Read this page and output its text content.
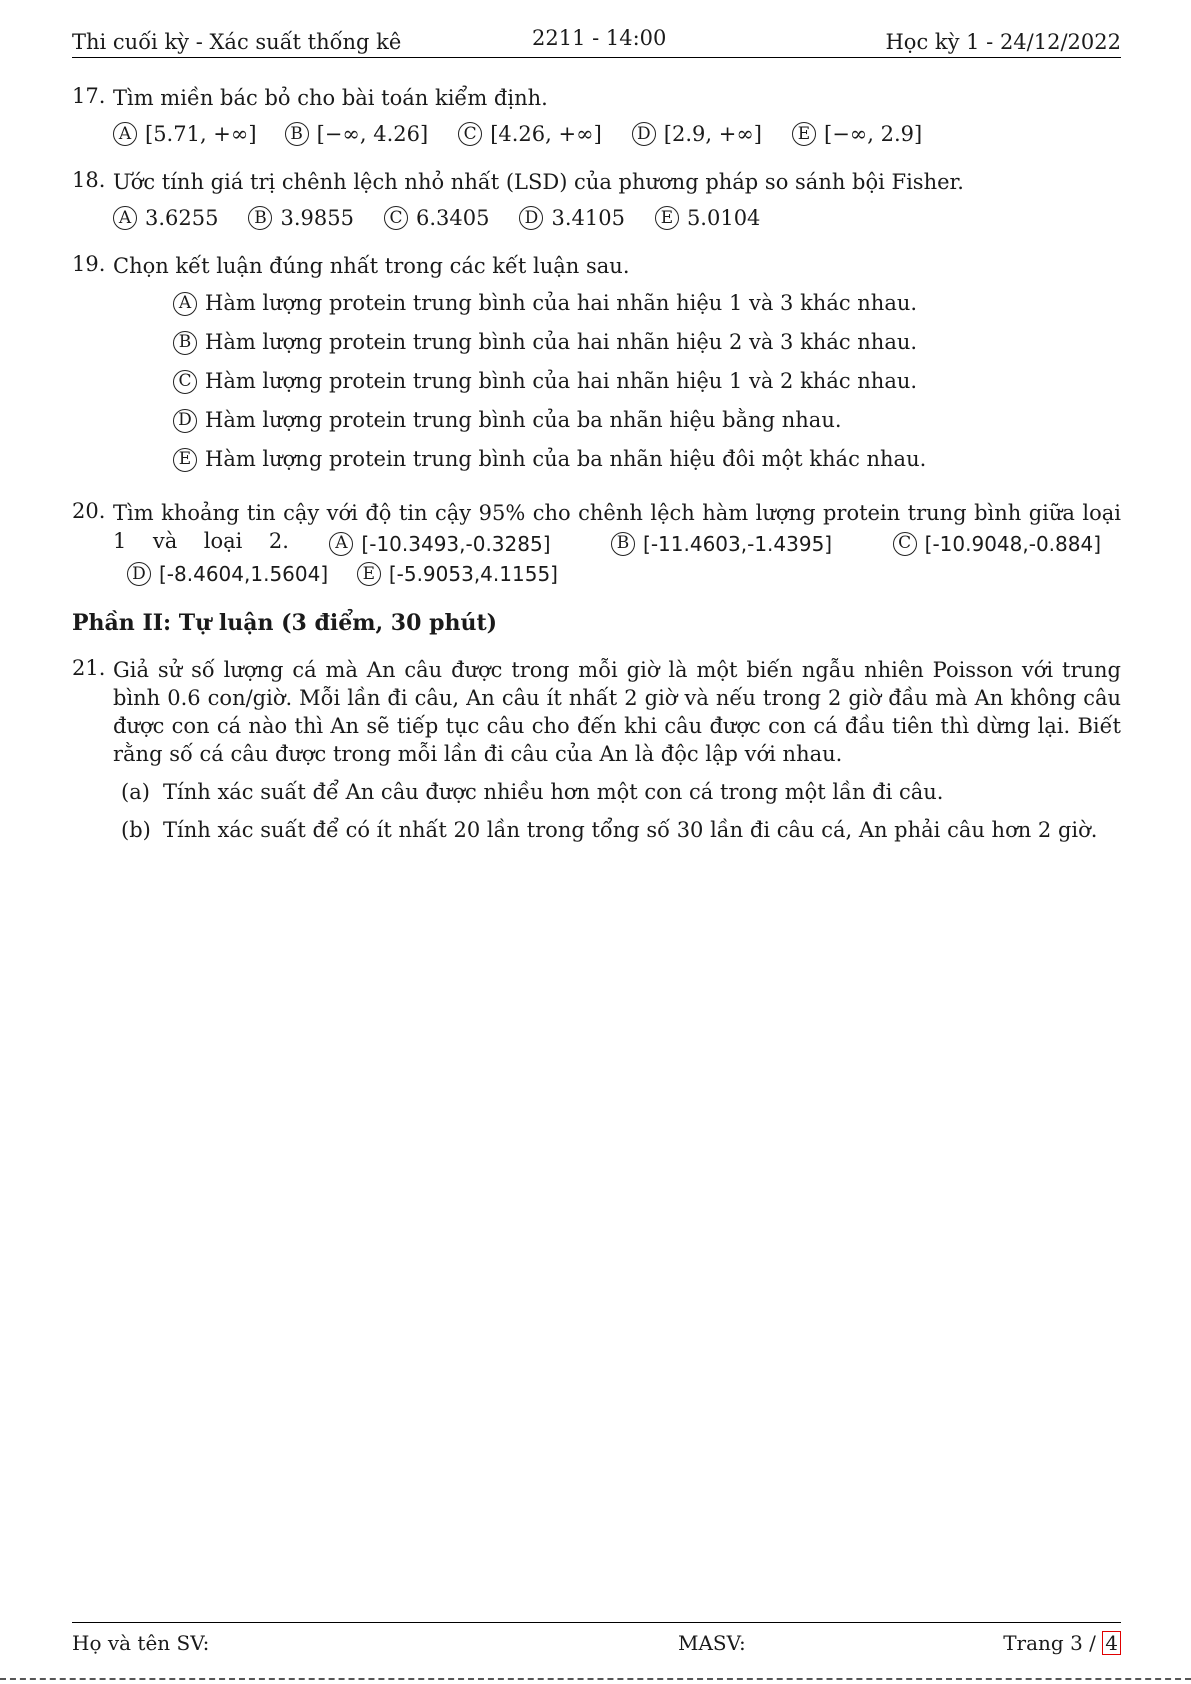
Thi cuối kỳ - Xác suất thống kê	2211 - 14:00	Học kỳ 1 - 24/12/2022
17. Tìm miền bác bỏ cho bài toán kiểm định.
A [5.71, +∞]	B [−∞, 4.26]	C [4.26, +∞]	D [2.9, +∞]	E [−∞, 2.9]
18. Ước tính giá trị chênh lệch nhỏ nhất (LSD) của phương pháp so sánh bội Fisher.
A 3.6255	B 3.9855	C 6.3405	D 3.4105	E 5.0104
19. Chọn kết luận đúng nhất trong các kết luận sau.
A Hàm lượng protein trung bình của hai nhãn hiệu 1 và 3 khác nhau.
B Hàm lượng protein trung bình của hai nhãn hiệu 2 và 3 khác nhau.
C Hàm lượng protein trung bình của hai nhãn hiệu 1 và 2 khác nhau.
D Hàm lượng protein trung bình của ba nhãn hiệu bằng nhau.
E Hàm lượng protein trung bình của ba nhãn hiệu đôi một khác nhau.
20. Tìm khoảng tin cậy với độ tin cậy 95% cho chênh lệch hàm lượng protein trung bình giữa loại 1 và loại 2.	A [-10.3493,-0.3285]
	B [-11.4603,-1.4395]
	C [-10.9048,-0.884]

D [-8.4604,1.5604]
	E [-5.9053,4.1155]
Phần II: Tự luận (3 điểm, 30 phút)
21. Giả sử số lượng cá mà An câu được trong mỗi giờ là một biến ngẫu nhiên Poisson với trung bình 0.6 con/giờ. Mỗi lần đi câu, An câu ít nhất 2 giờ và nếu trong 2 giờ đầu mà An không câu được con cá nào thì An sẽ tiếp tục câu cho đến khi câu được con cá đầu tiên thì dừng lại. Biết rằng số cá câu được trong mỗi lần đi câu của An là độc lập với nhau.
(a) Tính xác suất để An câu được nhiều hơn một con cá trong một lần đi câu.
(b) Tính xác suất để có ít nhất 20 lần trong tổng số 30 lần đi câu cá, An phải câu hơn 2 giờ.
Họ và tên SV:	MASV:	Trang 3 / 4
